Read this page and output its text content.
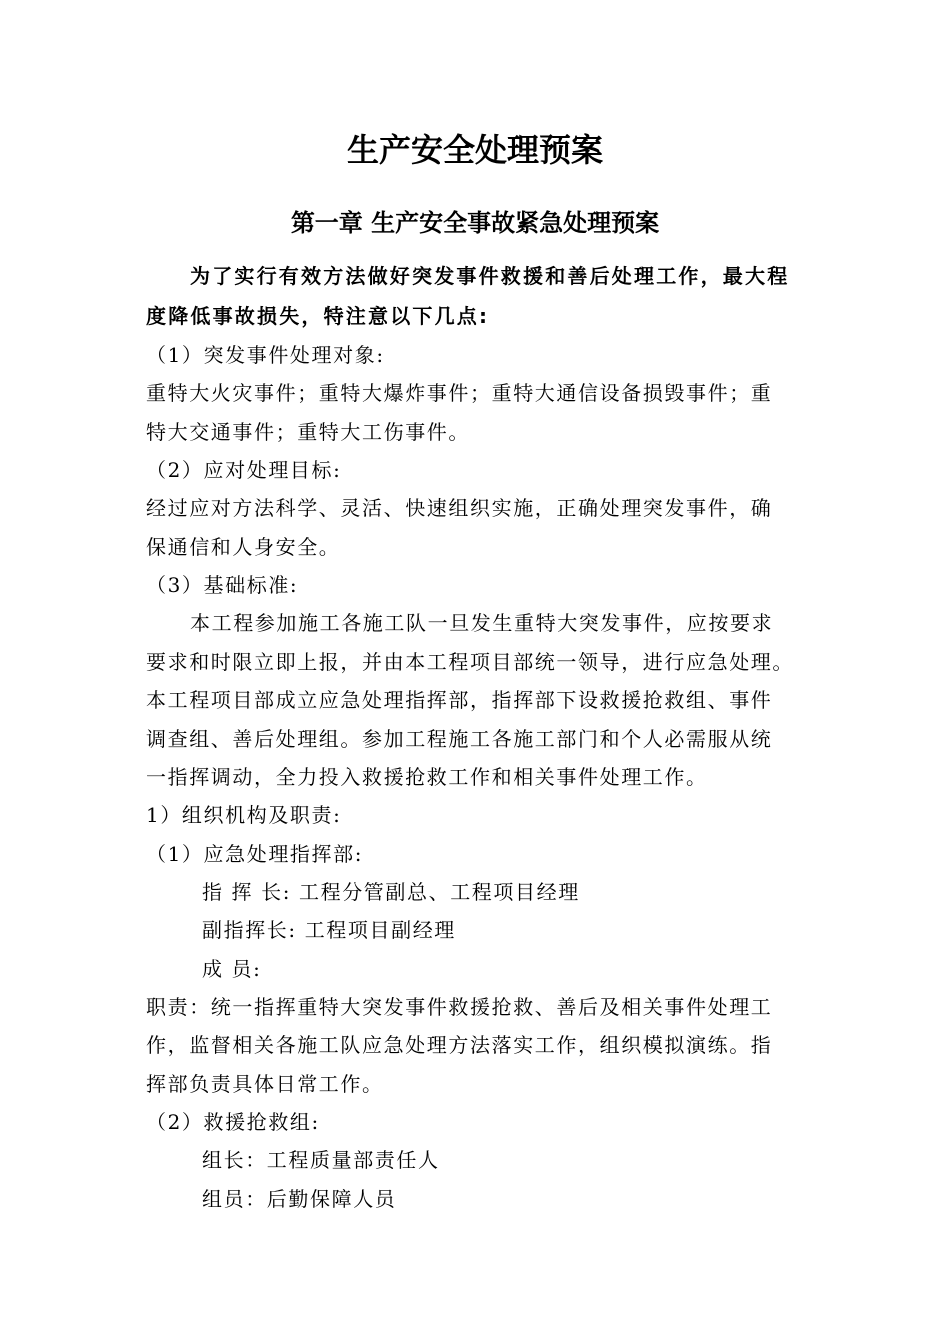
生产安全处理预案
第一章 生产安全事故紧急处理预案
为了实行有效方法做好突发事件救援和善后处理工作，最大程
度降低事故损失，特注意以下几点:
（1）突发事件处理对象:
重特大火灾事件；重特大爆炸事件；重特大通信设备损毁事件；重
特大交通事件；重特大工伤事件。
（2）应对处理目标:
经过应对方法科学、灵活、快速组织实施，正确处理突发事件，确
保通信和人身安全。
（3）基础标准:
本工程参加施工各施工队一旦发生重特大突发事件，应按要求
要求和时限立即上报，并由本工程项目部统一领导，进行应急处理。
本工程项目部成立应急处理指挥部，指挥部下设救援抢救组、事件
调查组、善后处理组。参加工程施工各施工部门和个人必需服从统
一指挥调动，全力投入救援抢救工作和相关事件处理工作。
1）组织机构及职责:
（1）应急处理指挥部:
指 挥 长: 工程分管副总、工程项目经理
副指挥长: 工程项目副经理
成 员:
职责：统一指挥重特大突发事件救援抢救、善后及相关事件处理工
作，监督相关各施工队应急处理方法落实工作，组织模拟演练。指
挥部负责具体日常工作。
（2）救援抢救组:
组长：工程质量部责任人
组员：后勤保障人员
